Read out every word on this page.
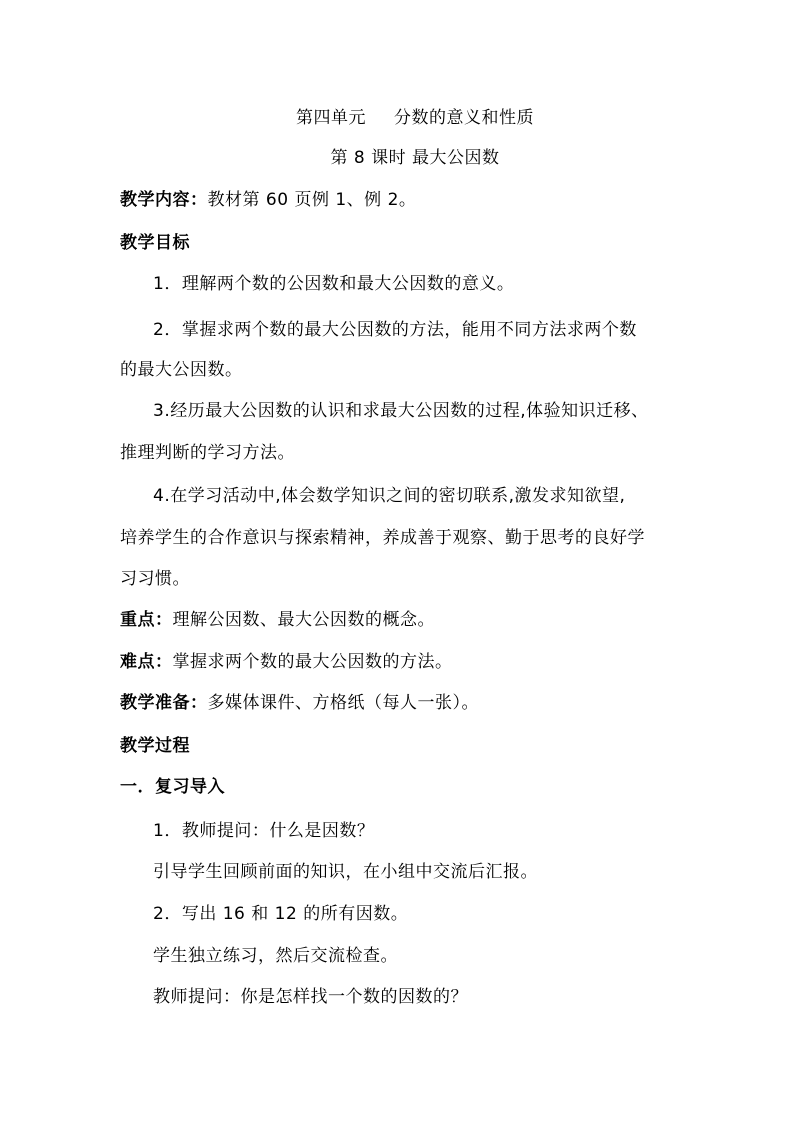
第四单元 分数的意义和性质
第 8 课时 最大公因数
教学内容：教材第 60 页例 1、例 2。
教学目标
1．理解两个数的公因数和最大公因数的意义。
2．掌握求两个数的最大公因数的方法，能用不同方法求两个数
的最大公因数。
3.经历最大公因数的认识和求最大公因数的过程,体验知识迁移、
推理判断的学习方法。
4.在学习活动中,体会数学知识之间的密切联系,激发求知欲望,
培养学生的合作意识与探索精神，养成善于观察、勤于思考的良好学
习习惯。
重点：理解公因数、最大公因数的概念。
难点：掌握求两个数的最大公因数的方法。
教学准备：多媒体课件、方格纸（每人一张）。
教学过程
一．复习导入
1．教师提问：什么是因数？
引导学生回顾前面的知识，在小组中交流后汇报。
2．写出 16 和 12 的所有因数。
学生独立练习，然后交流检查。
教师提问：你是怎样找一个数的因数的？
